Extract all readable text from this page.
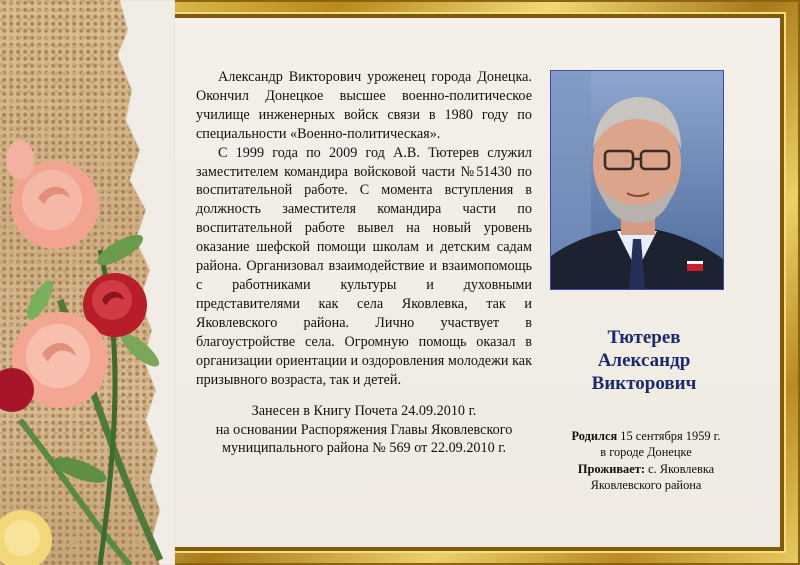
Александр Викторович уроженец города Донецка. Окончил Донецкое высшее военно-политическое училище инженерных войск связи в 1980 году по специальности «Военно-политическая».

С 1999 года по 2009 год А.В. Тютерев служил заместителем командира войсковой части №51430 по воспитательной работе. С момента вступления в должность заместителя командира части по воспитательной работе вывел на новый уровень оказание шефской помощи школам и детским садам района. Организовал взаимодействие и взаимопомощь с работниками культуры и духовными представителями как села Яковлевка, так и Яковлевского района. Лично участвует в благоустройстве села. Огромную помощь оказал в организации ориентации и оздоровления молодежи как призывного возраста, так и детей.

Занесен в Книгу Почета 24.09.2010 г.
на основании Распоряжения Главы Яковлевского
муниципального района № 569 от 22.09.2010 г.
Тютерев
Александр
Викторович
Родился 15 сентября 1959 г.
в городе Донецке
Проживает: с. Яковлевка
Яковлевского района
